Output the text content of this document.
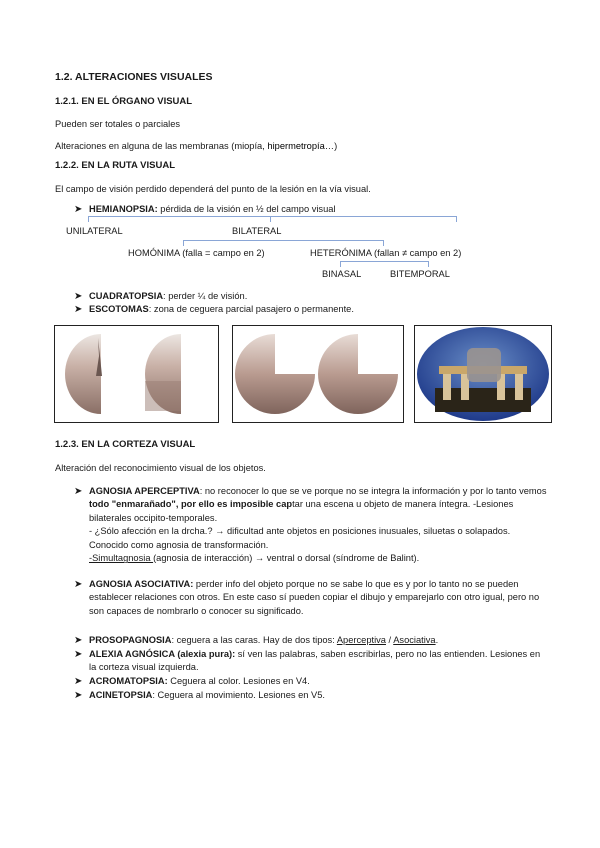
1.2. ALTERACIONES VISUALES
1.2.1. EN EL ÓRGANO VISUAL
Pueden ser totales o parciales
Alteraciones en alguna de las membranas (miopía, hipermetropía…)
1.2.2. EN LA RUTA VISUAL
El campo de visión perdido dependerá del punto de la lesión en la vía visual.
➤ HEMIANOPSIA: pérdida de la visión en ½ del campo visual
UNILATERAL	BILATERAL
HOMÓNIMA (falla = campo en 2)	HETERÓNIMA (fallan ≠ campo en 2)
BINASAL	BITEMPORAL
➤ CUADRATOPSIA: perder ¼ de visión.
➤ ESCOTOMAS: zona de ceguera parcial pasajero o permanente.
1.2.3. EN LA CORTEZA VISUAL
Alteración del reconocimiento visual de los objetos.
➤ AGNOSIA APERCEPTIVA: no reconocer lo que se ve porque no se integra la información y por lo tanto vemos todo "enmarañado", por ello es imposible captar una escena u objeto de manera íntegra. -Lesiones bilaterales occipito-temporales.
- ¿Sólo afección en la drcha.? → dificultad ante objetos en posiciones inusuales, siluetas o solapados. Conocido como agnosia de transformación.
-Simultagnosia (agnosia de interacción) → ventral o dorsal (síndrome de Balint).
➤ AGNOSIA ASOCIATIVA: perder info del objeto porque no se sabe lo que es y por lo tanto no se pueden establecer relaciones con otros. En este caso sí pueden copiar el dibujo y emparejarlo con otro igual, pero no son capaces de nombrarlo o conocer su significado.
➤ PROSOPAGNOSIA: ceguera a las caras. Hay de dos tipos: Aperceptiva / Asociativa.
➤ ALEXIA AGNÓSICA (alexia pura): sí ven las palabras, saben escribirlas, pero no las entienden. Lesiones en la corteza visual izquierda.
➤ ACROMATOPSIA: Ceguera al color. Lesiones en V4.
➤ ACINETOPSIA: Ceguera al movimiento. Lesiones en V5.
